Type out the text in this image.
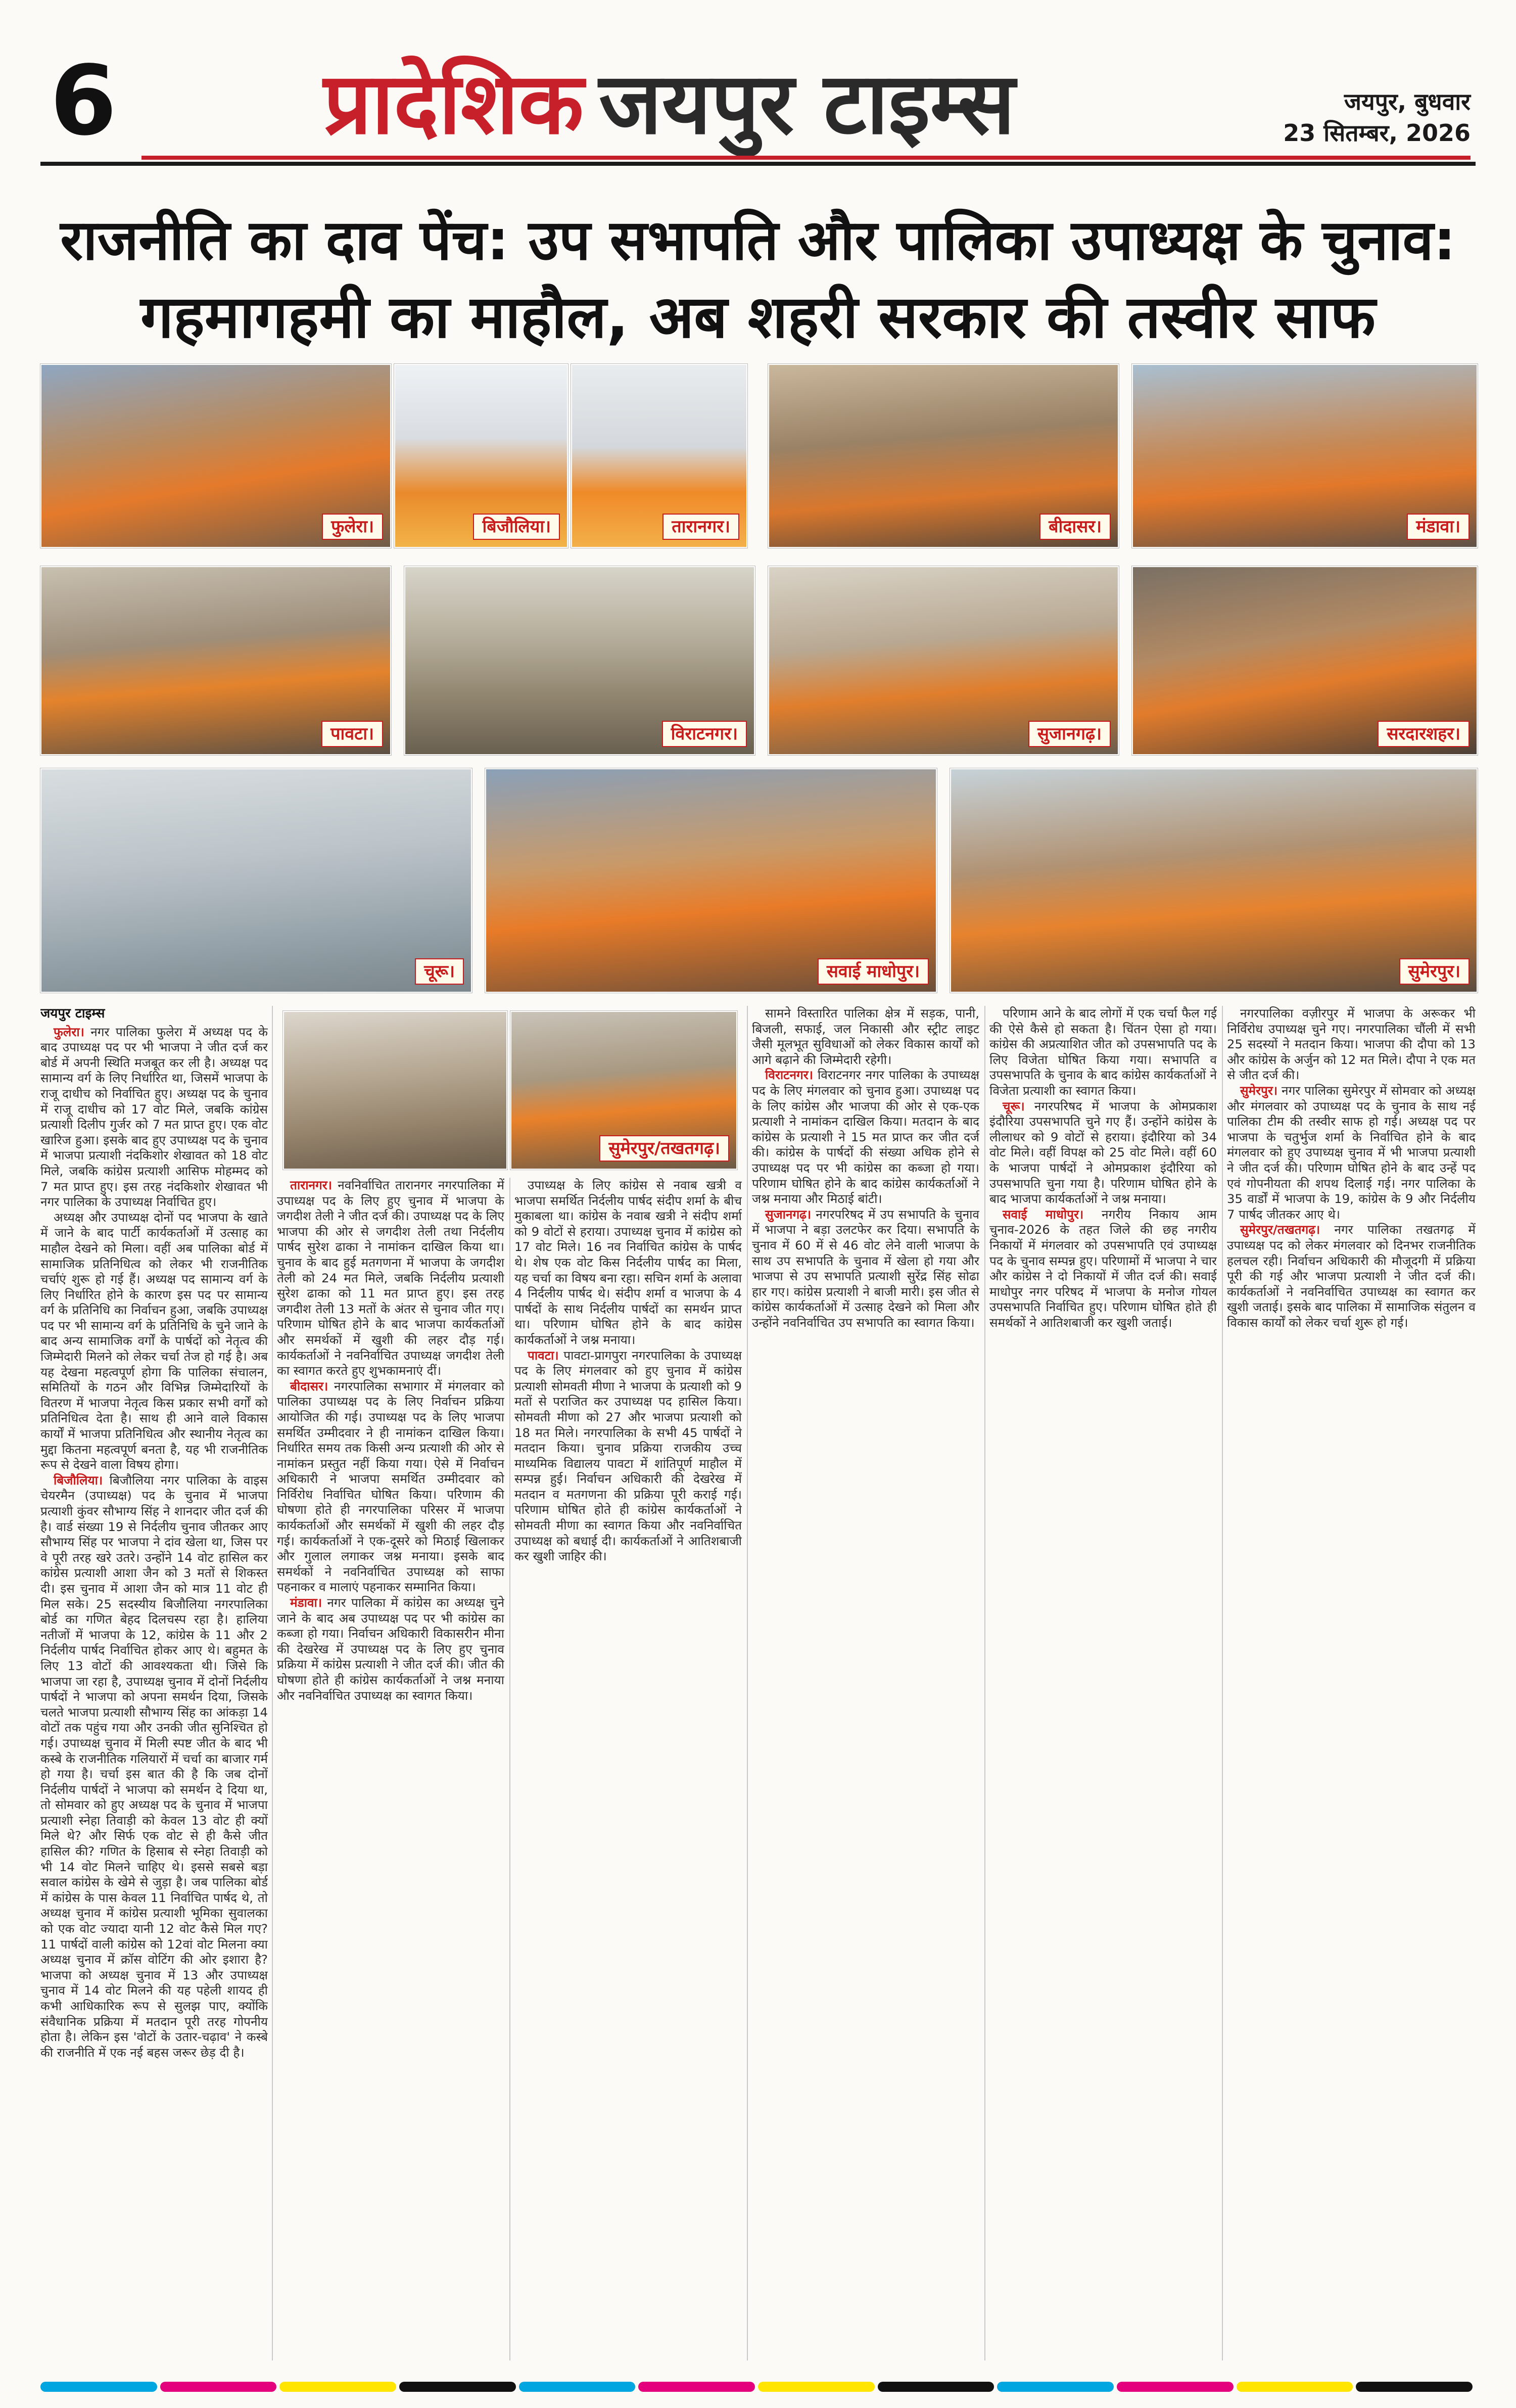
6 प्रादेशिक जयपुर टाइम्स	जयपुर, बुधवार
23 सितम्बर, 2026
राजनीति का दाव पेंच: उप सभापति और पालिका उपाध्यक्ष के चुनाव:
गहमागहमी का माहौल, अब शहरी सरकार की तस्वीर साफ
फुलेरा।	बिजौलिया।	तारानगर।	बीदासर।	मंडावा।
पावटा।	विराटनगर।	सुजानगढ़।	सरदारशहर।
चूरू।	सवाई माधोपुर।	सुमेरपुर।
सुमेरपुर/तखतगढ़।

जयपुर टाइम्स

फुलेरा। नगर पालिका फुलेरा में अध्यक्ष पद के बाद उपाध्यक्ष पद पर भी भाजपा ने जीत दर्ज कर बोर्ड में अपनी स्थिति मजबूत कर ली है। अध्यक्ष पद सामान्य वर्ग के लिए निर्धारित था, जिसमें भाजपा के राजू दाधीच को निर्वाचित हुए। अध्यक्ष पद के चुनाव में राजू दाधीच को 17 वोट मिले, जबकि कांग्रेस प्रत्याशी दिलीप गुर्जर को 7 मत प्राप्त हुए। एक वोट खारिज हुआ। इसके बाद हुए उपाध्यक्ष पद के चुनाव में भाजपा प्रत्याशी नंदकिशोर शेखावत को 18 वोट मिले, जबकि कांग्रेस प्रत्याशी आसिफ मोहम्मद को 7 मत प्राप्त हुए। इस तरह नंदकिशोर शेखावत भी नगर पालिका के उपाध्यक्ष निर्वाचित हुए।

अध्यक्ष और उपाध्यक्ष दोनों पद भाजपा के खाते में जाने के बाद पार्टी कार्यकर्ताओं में उत्साह का माहौल देखने को मिला। वहीं अब पालिका बोर्ड में सामाजिक प्रतिनिधित्व को लेकर भी राजनीतिक चर्चाएं शुरू हो गई हैं। अध्यक्ष पद सामान्य वर्ग के लिए निर्धारित होने के कारण इस पद पर सामान्य वर्ग के प्रतिनिधि का निर्वाचन हुआ, जबकि उपाध्यक्ष पद पर भी सामान्य वर्ग के प्रतिनिधि के चुने जाने के बाद अन्य सामाजिक वर्गों के पार्षदों को नेतृत्व की जिम्मेदारी मिलने को लेकर चर्चा तेज हो गई है। अब यह देखना महत्वपूर्ण होगा कि पालिका संचालन, समितियों के गठन और विभिन्न जिम्मेदारियों के वितरण में भाजपा नेतृत्व किस प्रकार सभी वर्गों को प्रतिनिधित्व देता है। साथ ही आने वाले विकास कार्यों में भाजपा प्रतिनिधित्व और स्थानीय नेतृत्व का मुद्दा कितना महत्वपूर्ण बनता है, यह भी राजनीतिक रूप से देखने वाला विषय होगा।

बिजौलिया। बिजौलिया नगर पालिका के वाइस चेयरमैन (उपाध्यक्ष) पद के चुनाव में भाजपा प्रत्याशी कुंवर सौभाग्य सिंह ने शानदार जीत दर्ज की है। वार्ड संख्या 19 से निर्दलीय चुनाव जीतकर आए सौभाग्य सिंह पर भाजपा ने दांव खेला था, जिस पर वे पूरी तरह खरे उतरे। उन्होंने 14 वोट हासिल कर कांग्रेस प्रत्याशी आशा जैन को 3 मतों से शिकस्त दी। इस चुनाव में आशा जैन को मात्र 11 वोट ही मिल सके। 25 सदस्यीय बिजौलिया नगरपालिका बोर्ड का गणित बेहद दिलचस्प रहा है। हालिया नतीजों में भाजपा के 12, कांग्रेस के 11 और 2 निर्दलीय पार्षद निर्वाचित होकर आए थे। बहुमत के लिए 13 वोटों की आवश्यकता थी। जिसे कि भाजपा जा रहा है, उपाध्यक्ष चुनाव में दोनों निर्दलीय पार्षदों ने भाजपा को अपना समर्थन दिया, जिसके चलते भाजपा प्रत्याशी सौभाग्य सिंह का आंकड़ा 14 वोटों तक पहुंच गया और उनकी जीत सुनिश्चित हो गई। उपाध्यक्ष चुनाव में मिली स्पष्ट जीत के बाद भी कस्बे के राजनीतिक गलियारों में चर्चा का बाजार गर्म हो गया है। चर्चा इस बात की है कि जब दोनों निर्दलीय पार्षदों ने भाजपा को समर्थन दे दिया था, तो सोमवार को हुए अध्यक्ष पद के चुनाव में भाजपा प्रत्याशी स्नेहा तिवाड़ी को केवल 13 वोट ही क्यों मिले थे? और सिर्फ एक वोट से ही कैसे जीत हासिल की? गणित के हिसाब से स्नेहा तिवाड़ी को भी 14 वोट मिलने चाहिए थे। इससे सबसे बड़ा सवाल कांग्रेस के खेमे से जुड़ा है। जब पालिका बोर्ड में कांग्रेस के पास केवल 11 निर्वाचित पार्षद थे, तो अध्यक्ष चुनाव में कांग्रेस प्रत्याशी भूमिका सुवालका को एक वोट ज्यादा यानी 12 वोट कैसे मिल गए? 11 पार्षदों वाली कांग्रेस को 12वां वोट मिलना क्या अध्यक्ष चुनाव में क्रॉस वोटिंग की ओर इशारा है? भाजपा को अध्यक्ष चुनाव में 13 और उपाध्यक्ष चुनाव में 14 वोट मिलने की यह पहेली शायद ही कभी आधिकारिक रूप से सुलझ पाए, क्योंकि संवैधानिक प्रक्रिया में मतदान पूरी तरह गोपनीय होता है। लेकिन इस 'वोटों के उतार-चढ़ाव' ने कस्बे की राजनीति में एक नई बहस जरूर छेड़ दी है।

तारानगर। नवनिर्वाचित तारानगर नगरपालिका में उपाध्यक्ष पद के लिए हुए चुनाव में भाजपा के जगदीश तेली ने जीत दर्ज की। उपाध्यक्ष पद के लिए भाजपा की ओर से जगदीश तेली तथा निर्दलीय पार्षद सुरेश ढाका ने नामांकन दाखिल किया था। चुनाव के बाद हुई मतगणना में भाजपा के जगदीश तेली को 24 मत मिले, जबकि निर्दलीय प्रत्याशी सुरेश ढाका को 11 मत प्राप्त हुए। इस तरह जगदीश तेली 13 मतों के अंतर से चुनाव जीत गए। परिणाम घोषित होने के बाद भाजपा कार्यकर्ताओं और समर्थकों में खुशी की लहर दौड़ गई। कार्यकर्ताओं ने नवनिर्वाचित उपाध्यक्ष जगदीश तेली का स्वागत करते हुए शुभकामनाएं दीं।

बीदासर। नगरपालिका सभागार में मंगलवार को पालिका उपाध्यक्ष पद के लिए निर्वाचन प्रक्रिया आयोजित की गई। उपाध्यक्ष पद के लिए भाजपा समर्थित उम्मीदवार ने ही नामांकन दाखिल किया। निर्धारित समय तक किसी अन्य प्रत्याशी की ओर से नामांकन प्रस्तुत नहीं किया गया। ऐसे में निर्वाचन अधिकारी ने भाजपा समर्थित उम्मीदवार को निर्विरोध निर्वाचित घोषित किया। परिणाम की घोषणा होते ही नगरपालिका परिसर में भाजपा कार्यकर्ताओं और समर्थकों में खुशी की लहर दौड़ गई। कार्यकर्ताओं ने एक-दूसरे को मिठाई खिलाकर और गुलाल लगाकर जश्न मनाया। इसके बाद समर्थकों ने नवनिर्वाचित उपाध्यक्ष को साफा पहनाकर व मालाएं पहनाकर सम्मानित किया।

मंडावा। नगर पालिका में कांग्रेस का अध्यक्ष चुने जाने के बाद अब उपाध्यक्ष पद पर भी कांग्रेस का कब्जा हो गया। निर्वाचन अधिकारी विकासरीन मीना की देखरेख में उपाध्यक्ष पद के लिए हुए चुनाव प्रक्रिया में कांग्रेस प्रत्याशी ने जीत दर्ज की। जीत की घोषणा होते ही कांग्रेस कार्यकर्ताओं ने जश्न मनाया और नवनिर्वाचित उपाध्यक्ष का स्वागत किया।

उपाध्यक्ष के लिए कांग्रेस से नवाब खत्री व भाजपा समर्थित निर्दलीय पार्षद संदीप शर्मा के बीच मुकाबला था। कांग्रेस के नवाब खत्री ने संदीप शर्मा को 9 वोटों से हराया। उपाध्यक्ष चुनाव में कांग्रेस को 17 वोट मिले। 16 नव निर्वाचित कांग्रेस के पार्षद थे। शेष एक वोट किस निर्दलीय पार्षद का मिला, यह चर्चा का विषय बना रहा। सचिन शर्मा के अलावा 4 निर्दलीय पार्षद थे। संदीप शर्मा व भाजपा के 4 पार्षदों के साथ निर्दलीय पार्षदों का समर्थन प्राप्त था। परिणाम घोषित होने के बाद कांग्रेस कार्यकर्ताओं ने जश्न मनाया।

पावटा। पावटा-प्रागपुरा नगरपालिका के उपाध्यक्ष पद के लिए मंगलवार को हुए चुनाव में कांग्रेस प्रत्याशी सोमवती मीणा ने भाजपा के प्रत्याशी को 9 मतों से पराजित कर उपाध्यक्ष पद हासिल किया। सोमवती मीणा को 27 और भाजपा प्रत्याशी को 18 मत मिले। नगरपालिका के सभी 45 पार्षदों ने मतदान किया। चुनाव प्रक्रिया राजकीय उच्च माध्यमिक विद्यालय पावटा में शांतिपूर्ण माहौल में सम्पन्न हुई। निर्वाचन अधिकारी की देखरेख में मतदान व मतगणना की प्रक्रिया पूरी कराई गई। परिणाम घोषित होते ही कांग्रेस कार्यकर्ताओं ने सोमवती मीणा का स्वागत किया और नवनिर्वाचित उपाध्यक्ष को बधाई दी। कार्यकर्ताओं ने आतिशबाजी कर खुशी जाहिर की।

सामने विस्तारित पालिका क्षेत्र में सड़क, पानी, बिजली, सफाई, जल निकासी और स्ट्रीट लाइट जैसी मूलभूत सुविधाओं को लेकर विकास कार्यों को आगे बढ़ाने की जिम्मेदारी रहेगी।

विराटनगर। विराटनगर नगर पालिका के उपाध्यक्ष पद के लिए मंगलवार को चुनाव हुआ। उपाध्यक्ष पद के लिए कांग्रेस और भाजपा की ओर से एक-एक प्रत्याशी ने नामांकन दाखिल किया। मतदान के बाद कांग्रेस के प्रत्याशी ने 15 मत प्राप्त कर जीत दर्ज की। कांग्रेस के पार्षदों की संख्या अधिक होने से उपाध्यक्ष पद पर भी कांग्रेस का कब्जा हो गया। परिणाम घोषित होने के बाद कांग्रेस कार्यकर्ताओं ने जश्न मनाया और मिठाई बांटी।

सुजानगढ़। नगरपरिषद में उप सभापति के चुनाव में भाजपा ने बड़ा उलटफेर कर दिया। सभापति के चुनाव में 60 में से 46 वोट लेने वाली भाजपा के साथ उप सभापति के चुनाव में खेला हो गया और भाजपा से उप सभापति प्रत्याशी सुरेंद्र सिंह सोढा हार गए। कांग्रेस प्रत्याशी ने बाजी मारी। इस जीत से कांग्रेस कार्यकर्ताओं में उत्साह देखने को मिला और उन्होंने नवनिर्वाचित उप सभापति का स्वागत किया।

परिणाम आने के बाद लोगों में एक चर्चा फैल गई की ऐसे कैसे हो सकता है। चिंतन ऐसा हो गया। कांग्रेस की अप्रत्याशित जीत को उपसभापति पद के लिए विजेता घोषित किया गया। सभापति व उपसभापति के चुनाव के बाद कांग्रेस कार्यकर्ताओं ने विजेता प्रत्याशी का स्वागत किया।

चूरू। नगरपरिषद में भाजपा के ओमप्रकाश इंदौरिया उपसभापति चुने गए हैं। उन्होंने कांग्रेस के लीलाधर को 9 वोटों से हराया। इंदौरिया को 34 वोट मिले। वहीं विपक्ष को 25 वोट मिले। वहीं 60 के भाजपा पार्षदों ने ओमप्रकाश इंदौरिया को उपसभापति चुना गया है। परिणाम घोषित होने के बाद भाजपा कार्यकर्ताओं ने जश्न मनाया।

सवाई माधोपुर। नगरीय निकाय आम चुनाव-2026 के तहत जिले की छह नगरीय निकायों में मंगलवार को उपसभापति एवं उपाध्यक्ष पद के चुनाव सम्पन्न हुए। परिणामों में भाजपा ने चार और कांग्रेस ने दो निकायों में जीत दर्ज की। सवाई माधोपुर नगर परिषद में भाजपा के मनोज गोयल उपसभापति निर्वाचित हुए। परिणाम घोषित होते ही समर्थकों ने आतिशबाजी कर खुशी जताई।

नगरपालिका वज़ीरपुर में भाजपा के अरूकर भी निर्विरोध उपाध्यक्ष चुने गए। नगरपालिका चौंली में सभी 25 सदस्यों ने मतदान किया। भाजपा की दौपा को 13 और कांग्रेस के अर्जुन को 12 मत मिले। दौपा ने एक मत से जीत दर्ज की।

सुमेरपुर। नगर पालिका सुमेरपुर में सोमवार को अध्यक्ष और मंगलवार को उपाध्यक्ष पद के चुनाव के साथ नई पालिका टीम की तस्वीर साफ हो गई। अध्यक्ष पद पर भाजपा के चतुर्भुज शर्मा के निर्वाचित होने के बाद मंगलवार को हुए उपाध्यक्ष चुनाव में भी भाजपा प्रत्याशी ने जीत दर्ज की। परिणाम घोषित होने के बाद उन्हें पद एवं गोपनीयता की शपथ दिलाई गई। नगर पालिका के 35 वार्डों में भाजपा के 19, कांग्रेस के 9 और निर्दलीय 7 पार्षद जीतकर आए थे।

सुमेरपुर/तखतगढ़। नगर पालिका तखतगढ़ में उपाध्यक्ष पद को लेकर मंगलवार को दिनभर राजनीतिक हलचल रही। निर्वाचन अधिकारी की मौजूदगी में प्रक्रिया पूरी की गई और भाजपा प्रत्याशी ने जीत दर्ज की। कार्यकर्ताओं ने नवनिर्वाचित उपाध्यक्ष का स्वागत कर खुशी जताई। इसके बाद पालिका में सामाजिक संतुलन व विकास कार्यों को लेकर चर्चा शुरू हो गई।
